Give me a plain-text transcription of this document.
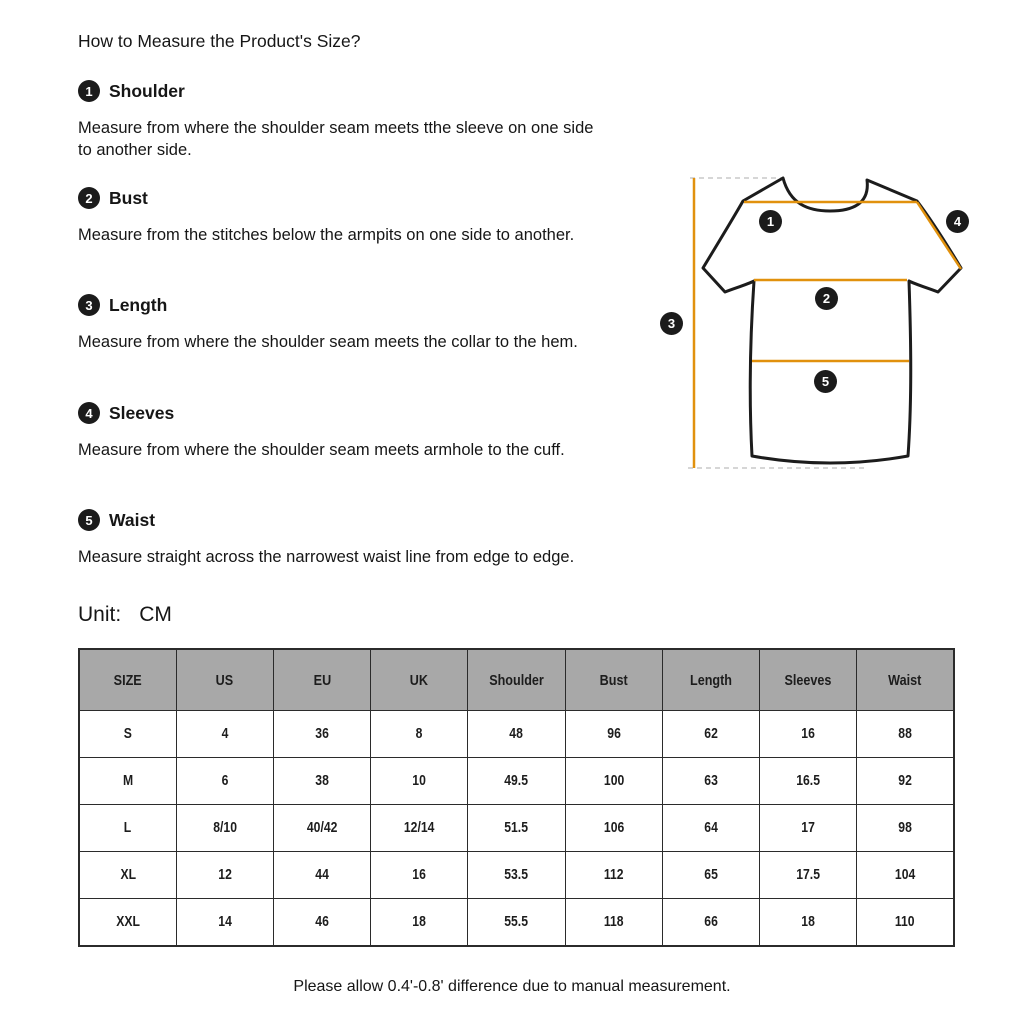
How to Measure the Product's Size?
1 Shoulder

Measure from where the shoulder seam meets tthe sleeve on one side to another side.

2 Bust

Measure from the stitches below the armpits on one side to another.

3 Length

Measure from where the shoulder seam meets the collar to the hem.

4 Sleeves

Measure from where the shoulder seam meets armhole to the cuff.

5 Waist

Measure straight across the narrowest waist line from edge to edge.

Unit: CM
1
2
3
4
5
SIZE	US	EU	UK	Shoulder	Bust	Length	Sleeves	Waist
S	4	36	8	48	96	62	16	88
M	6	38	10	49.5	100	63	16.5	92
L	8/10	40/42	12/14	51.5	106	64	17	98
XL	12	44	16	53.5	112	65	17.5	104
XXL	14	46	18	55.5	118	66	18	110
Please allow 0.4'-0.8' difference due to manual measurement.
